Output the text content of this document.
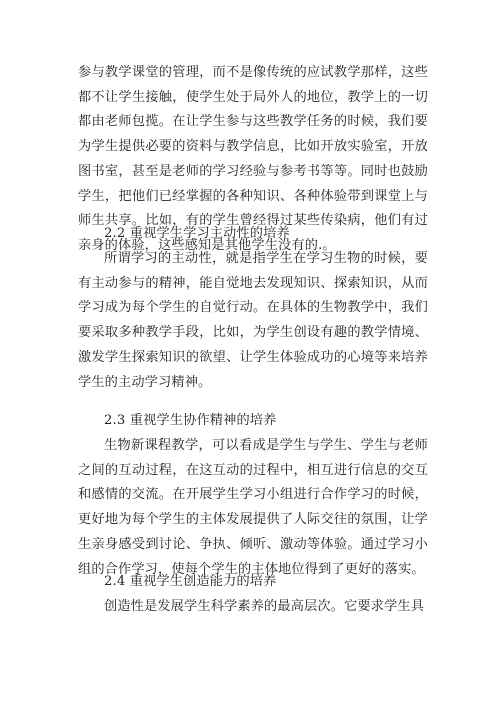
参与教学课堂的管理，而不是像传统的应试教学那样，这些都不让学生接触，使学生处于局外人的地位，教学上的一切都由老师包揽。在让学生参与这些教学任务的时候，我们要为学生提供必要的资料与教学信息，比如开放实验室，开放图书室，甚至是老师的学习经验与参考书等等。同时也鼓励学生，把他们已经掌握的各种知识、各种体验带到课堂上与师生共享。比如，有的学生曾经得过某些传染病，他们有过亲身的体验，这些感知是其他学生没有的.。

2.2 重视学生学习主动性的培养

所谓学习的主动性，就是指学生在学习生物的时候，要有主动参与的精神，能自觉地去发现知识、探索知识，从而学习成为每个学生的自觉行动。在具体的生物教学中，我们要采取多种教学手段，比如，为学生创设有趣的教学情境、激发学生探索知识的欲望、让学生体验成功的心境等来培养学生的主动学习精神。

2.3 重视学生协作精神的培养

生物新课程教学，可以看成是学生与学生、学生与老师之间的互动过程，在这互动的过程中，相互进行信息的交互和感情的交流。在开展学生学习小组进行合作学习的时候，更好地为每个学生的主体发展提供了人际交往的氛围，让学生亲身感受到讨论、争执、倾听、激动等体验。通过学习小组的合作学习，使每个学生的主体地位得到了更好的落实。

2.4 重视学生创造能力的培养

创造性是发展学生科学素养的最高层次。它要求学生具
